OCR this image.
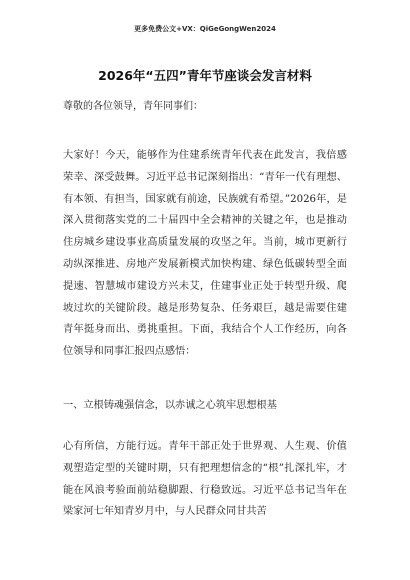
更多免费公文+VX：QiGeGongWen2024
2026年“五四”青年节座谈会发言材料
尊敬的各位领导，青年同事们：

大家好！今天，能够作为住建系统青年代表在此发言，我倍感荣幸、深受鼓舞。习近平总书记深刻指出：“青年一代有理想、有本领、有担当，国家就有前途，民族就有希望。”2026年，是深入贯彻落实党的二十届四中全会精神的关键之年，也是推动住房城乡建设事业高质量发展的攻坚之年。当前，城市更新行动纵深推进、房地产发展新模式加快构建、绿色低碳转型全面提速、智慧城市建设方兴未艾，住建事业正处于转型升级、爬坡过坎的关键阶段。越是形势复杂、任务艰巨，越是需要住建青年挺身而出、勇挑重担。下面，我结合个人工作经历，向各位领导和同事汇报四点感悟：

一、立根铸魂强信念，以赤诚之心筑牢思想根基

心有所信，方能行远。青年干部正处于世界观、人生观、价值观塑造定型的关键时期，只有把理想信念的“根”扎深扎牢，才能在风浪考验面前站稳脚跟、行稳致远。习近平总书记当年在梁家河七年知青岁月中，与人民群众同甘共苦
